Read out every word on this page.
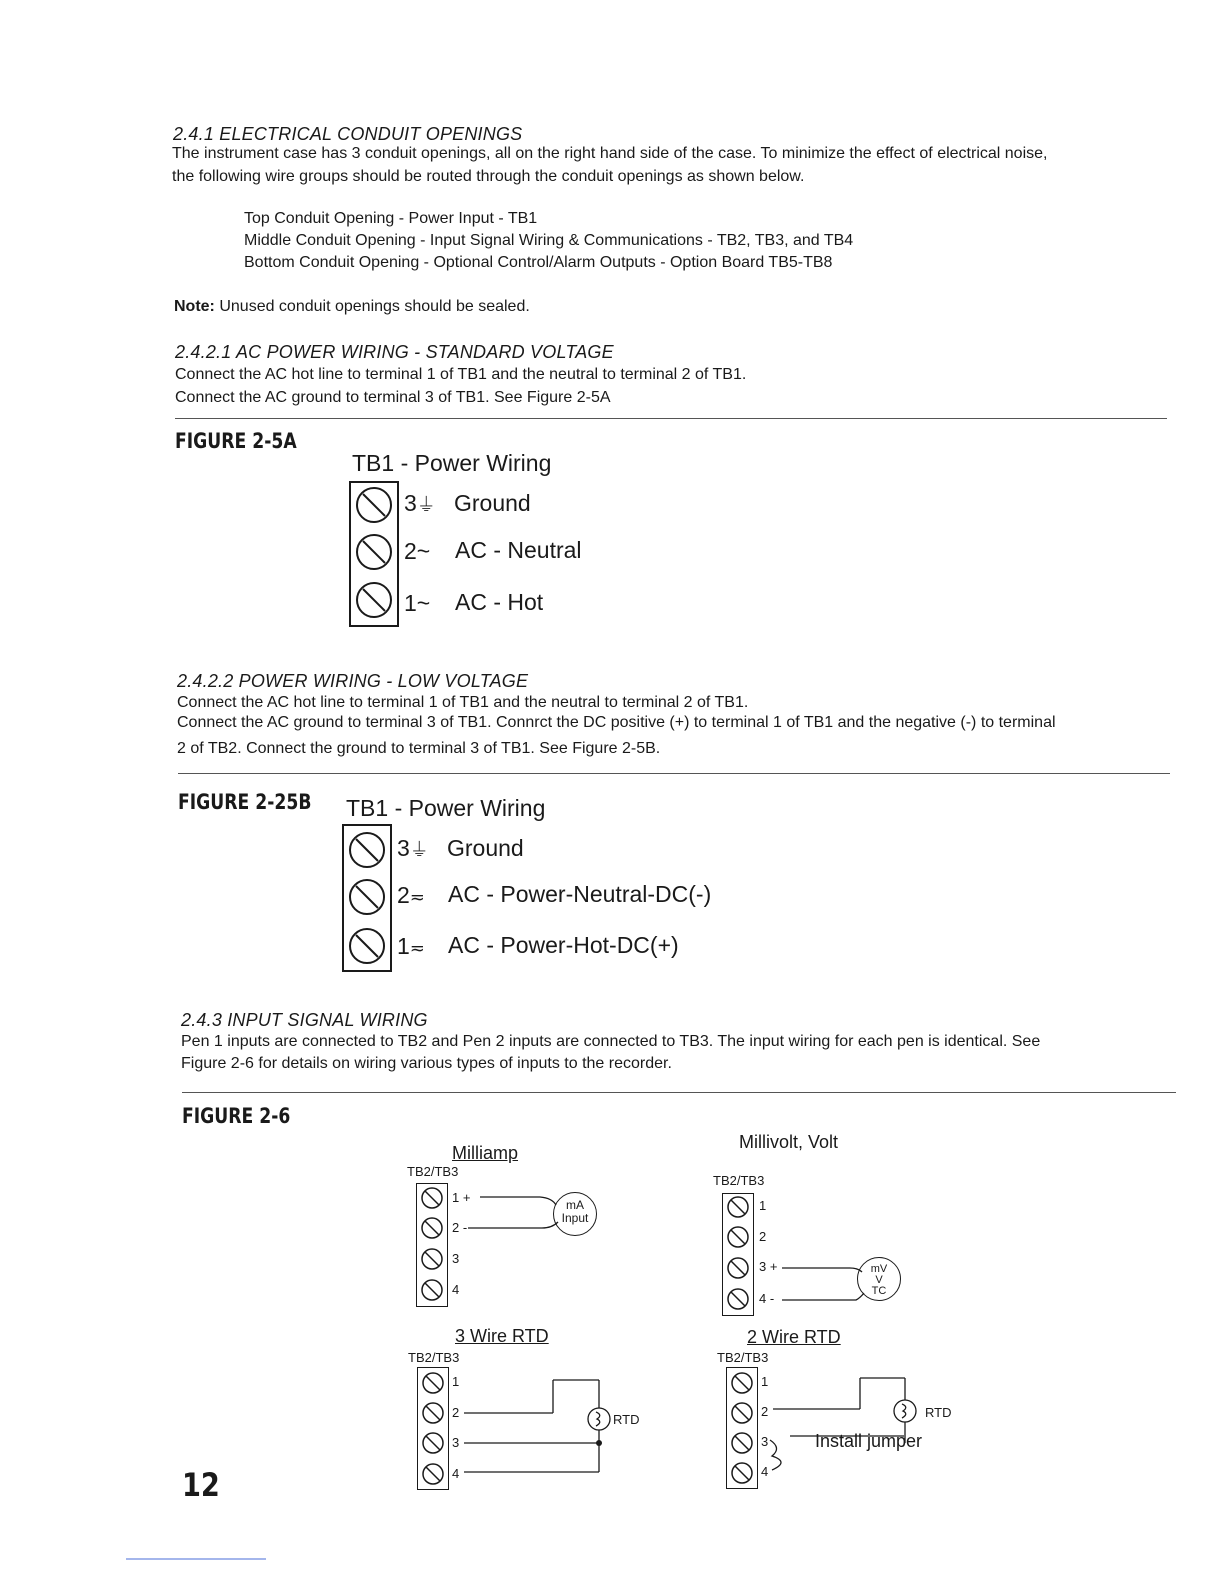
2.4.1 ELECTRICAL CONDUIT OPENINGS
The instrument case has 3 conduit openings, all on the right hand side of the case. To minimize the effect of electrical noise,
the following wire groups should be routed through the conduit openings as shown below.
Top Conduit Opening - Power Input - TB1
Middle Conduit Opening - Input Signal Wiring & Communications - TB2, TB3, and TB4
Bottom Conduit Opening - Optional Control/Alarm Outputs - Option Board TB5-TB8
Note: Unused conduit openings should be sealed.
2.4.2.1 AC POWER WIRING - STANDARD VOLTAGE
Connect the AC hot line to terminal 1 of TB1 and the neutral to terminal 2 of TB1.
Connect the AC ground to terminal 3 of TB1. See Figure 2-5A
FIGURE 2-5A
TB1 - Power Wiring
3⏚ Ground
2~ AC - Neutral
1~ AC - Hot
2.4.2.2 POWER WIRING - LOW VOLTAGE
Connect the AC hot line to terminal 1 of TB1 and the neutral to terminal 2 of TB1.
Connect the AC ground to terminal 3 of TB1. Connrct the DC positive (+) to terminal 1 of TB1 and the negative (-) to terminal
2 of TB2. Connect the ground to terminal 3 of TB1. See Figure 2-5B.
FIGURE 2-25B TB1 - Power Wiring
3⏚ Ground
2≂ AC - Power-Neutral-DC(-)
1≂ AC - Power-Hot-DC(+)
2.4.3 INPUT SIGNAL WIRING
Pen 1 inputs are connected to TB2 and Pen 2 inputs are connected to TB3. The input wiring for each pen is identical. See
Figure 2-6 for details on wiring various types of inputs to the recorder.
FIGURE 2-6
Milliamp
TB2/TB3
1 +
2 -
3
4
mA
Input
Millivolt, Volt
TB2/TB3
1
2
3 +
4 -
mV
V
TC
3 Wire RTD
TB2/TB3
1
2
3
4
RTD
2 Wire RTD
TB2/TB3
1
2
3
4
RTD
Install jumper
12
